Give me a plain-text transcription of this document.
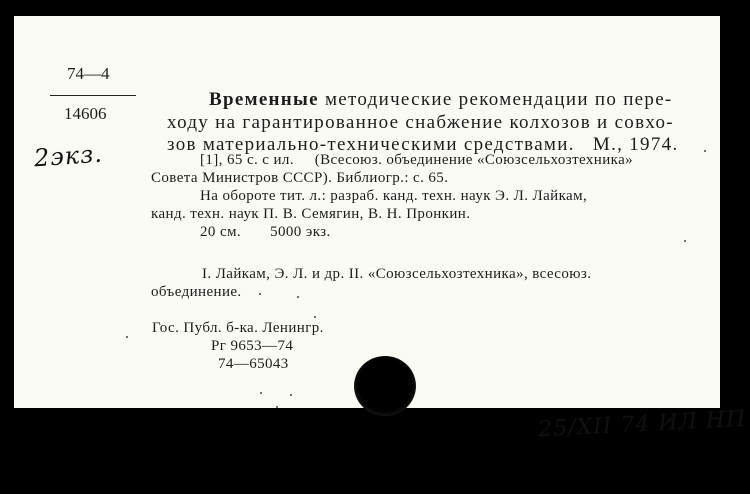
74—4
14606
2экз.
Временные методические рекомендации по пере-
ходу на гарантированное снабжение колхозов и совхо-
зов материально-техническими средствами.   М., 1974.
[1], 65 с. с ил.     (Всесоюз. объединение «Союзсельхозтехника»
Совета Министров СССР). Библиогр.: с. 65.
На обороте тит. л.: разраб. канд. техн. наук Э. Л. Лайкам,
канд. техн. наук П. В. Семягин, В. Н. Пронкин.
20 см.       5000 экз.
I. Лайкам, Э. Л. и др. II. «Союзсельхозтехника», всесоюз.
объединение.
Гос. Публ. б-ка. Ленингр.
Рг 9653—74
74—65043
25/XII 74 ИЛ НП
